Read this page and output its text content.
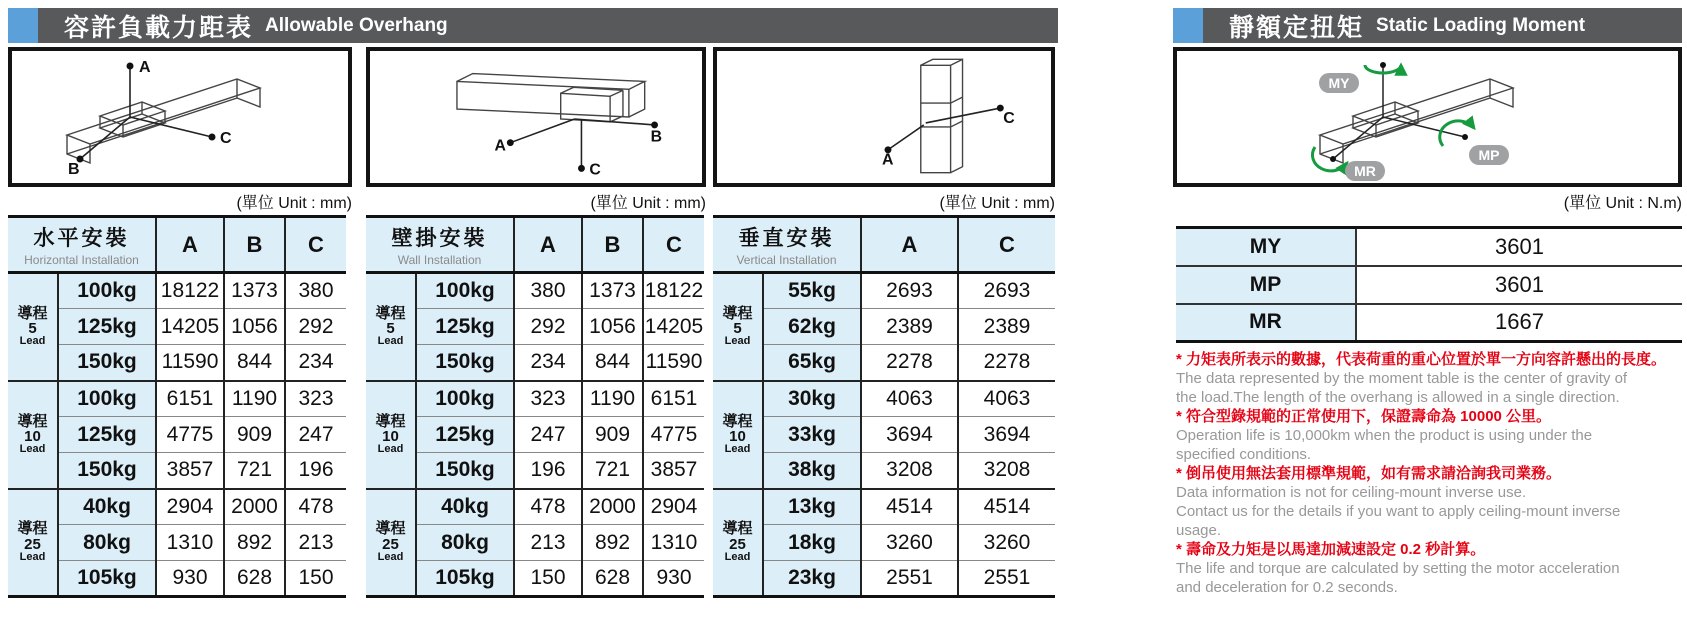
容許負載力距表 Allowable Overhang
A
C
B
A
B
C
A
C
(單位 Unit : mm)	(單位 Unit : mm)	(單位 Unit : mm)
水平安裝
Horizontal Installation		A	B	C

導程
5
Lead	100kg	18122	1373	380
	125kg	14205	1056	292
	150kg	11590	844	234

導程
10
Lead	100kg	6151	1190	323
	125kg	4775	909	247
	150kg	3857	721	196

導程
25
Lead	40kg	2904	2000	478
	80kg	1310	892	213
	105kg	930	628	150
壁掛安裝
Wall Installation		A	B	C

導程
5
Lead	100kg	380	1373	18122
	125kg	292	1056	14205
	150kg	234	844	11590

導程
10
Lead	100kg	323	1190	6151
	125kg	247	909	4775
	150kg	196	721	3857

導程
25
Lead	40kg	478	2000	2904
	80kg	213	892	1310
	105kg	150	628	930
垂直安裝
Vertical Installation		A	C

導程
5
Lead	55kg	2693	2693
	62kg	2389	2389
	65kg	2278	2278

導程
10
Lead	30kg	4063	4063
	33kg	3694	3694
	38kg	3208	3208

導程
25
Lead	13kg	4514	4514
	18kg	3260	3260
	23kg	2551	2551
靜額定扭矩 Static Loading Moment
MY
MP
MR
(單位 Unit : N.m)
MY	3601
MP	3601
MR	1667
* 力矩表所表示的數據，代表荷重的重心位置於單一方向容許懸出的長度。
The data represented by the moment table is the center of gravity of
the load.The length of the overhang is allowed in a single direction.
* 符合型錄規範的正常使用下，保證壽命為 10000 公里。
Operation life is 10,000km when the product is using under the
specified conditions.
* 倒吊使用無法套用標準規範，如有需求請洽詢我司業務。
Data information is not for ceiling-mount inverse use.
Contact us for the details if you want to apply ceiling-mount inverse
usage.
* 壽命及力矩是以馬達加減速設定 0.2 秒計算。
The life and torque are calculated by setting the motor acceleration
and deceleration for 0.2 seconds.
